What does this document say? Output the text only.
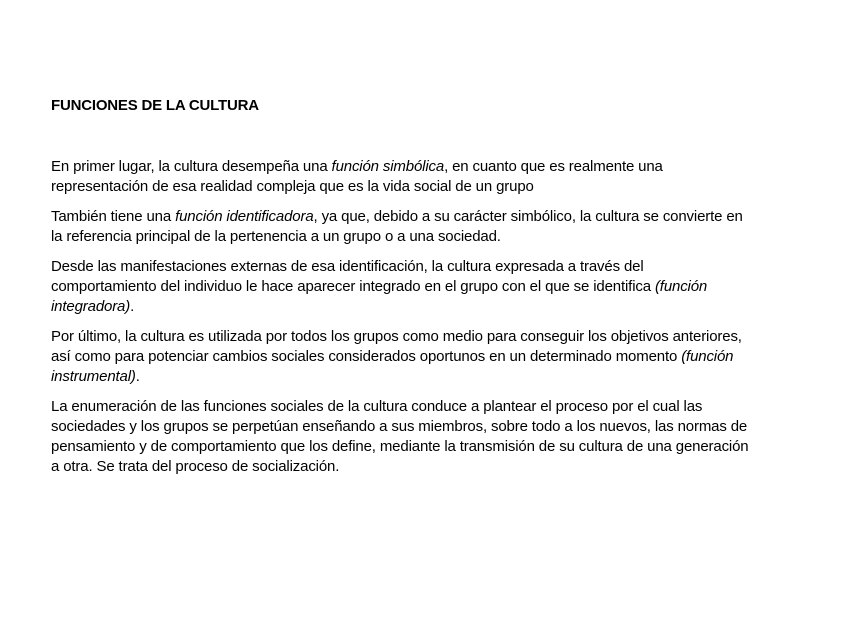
FUNCIONES DE LA CULTURA

En primer lugar, la cultura desempeña una función simbólica, en cuanto que es realmente una representación de esa realidad compleja que es la vida social de un grupo

También tiene una función identificadora, ya que, debido a su carácter simbólico, la cultura se convierte en la referencia principal de la pertenencia a un grupo o a una sociedad.

Desde las manifestaciones externas de esa identificación, la cultura expresada a través del comportamiento del individuo le hace aparecer integrado en el grupo con el que se identifica (función integradora).

Por último, la cultura es utilizada por todos los grupos como medio para conseguir los objetivos anteriores, así como para potenciar cambios sociales considerados oportunos en un determinado momento (función instrumental).

La enumeración de las funciones sociales de la cultura conduce a plantear el proceso por el cual las sociedades y los grupos se perpetúan enseñando a sus miembros, sobre todo a los nuevos, las normas de pensamiento y de comportamiento que los define, mediante la transmisión de su cultura de una generación a otra. Se trata del proceso de socialización.
